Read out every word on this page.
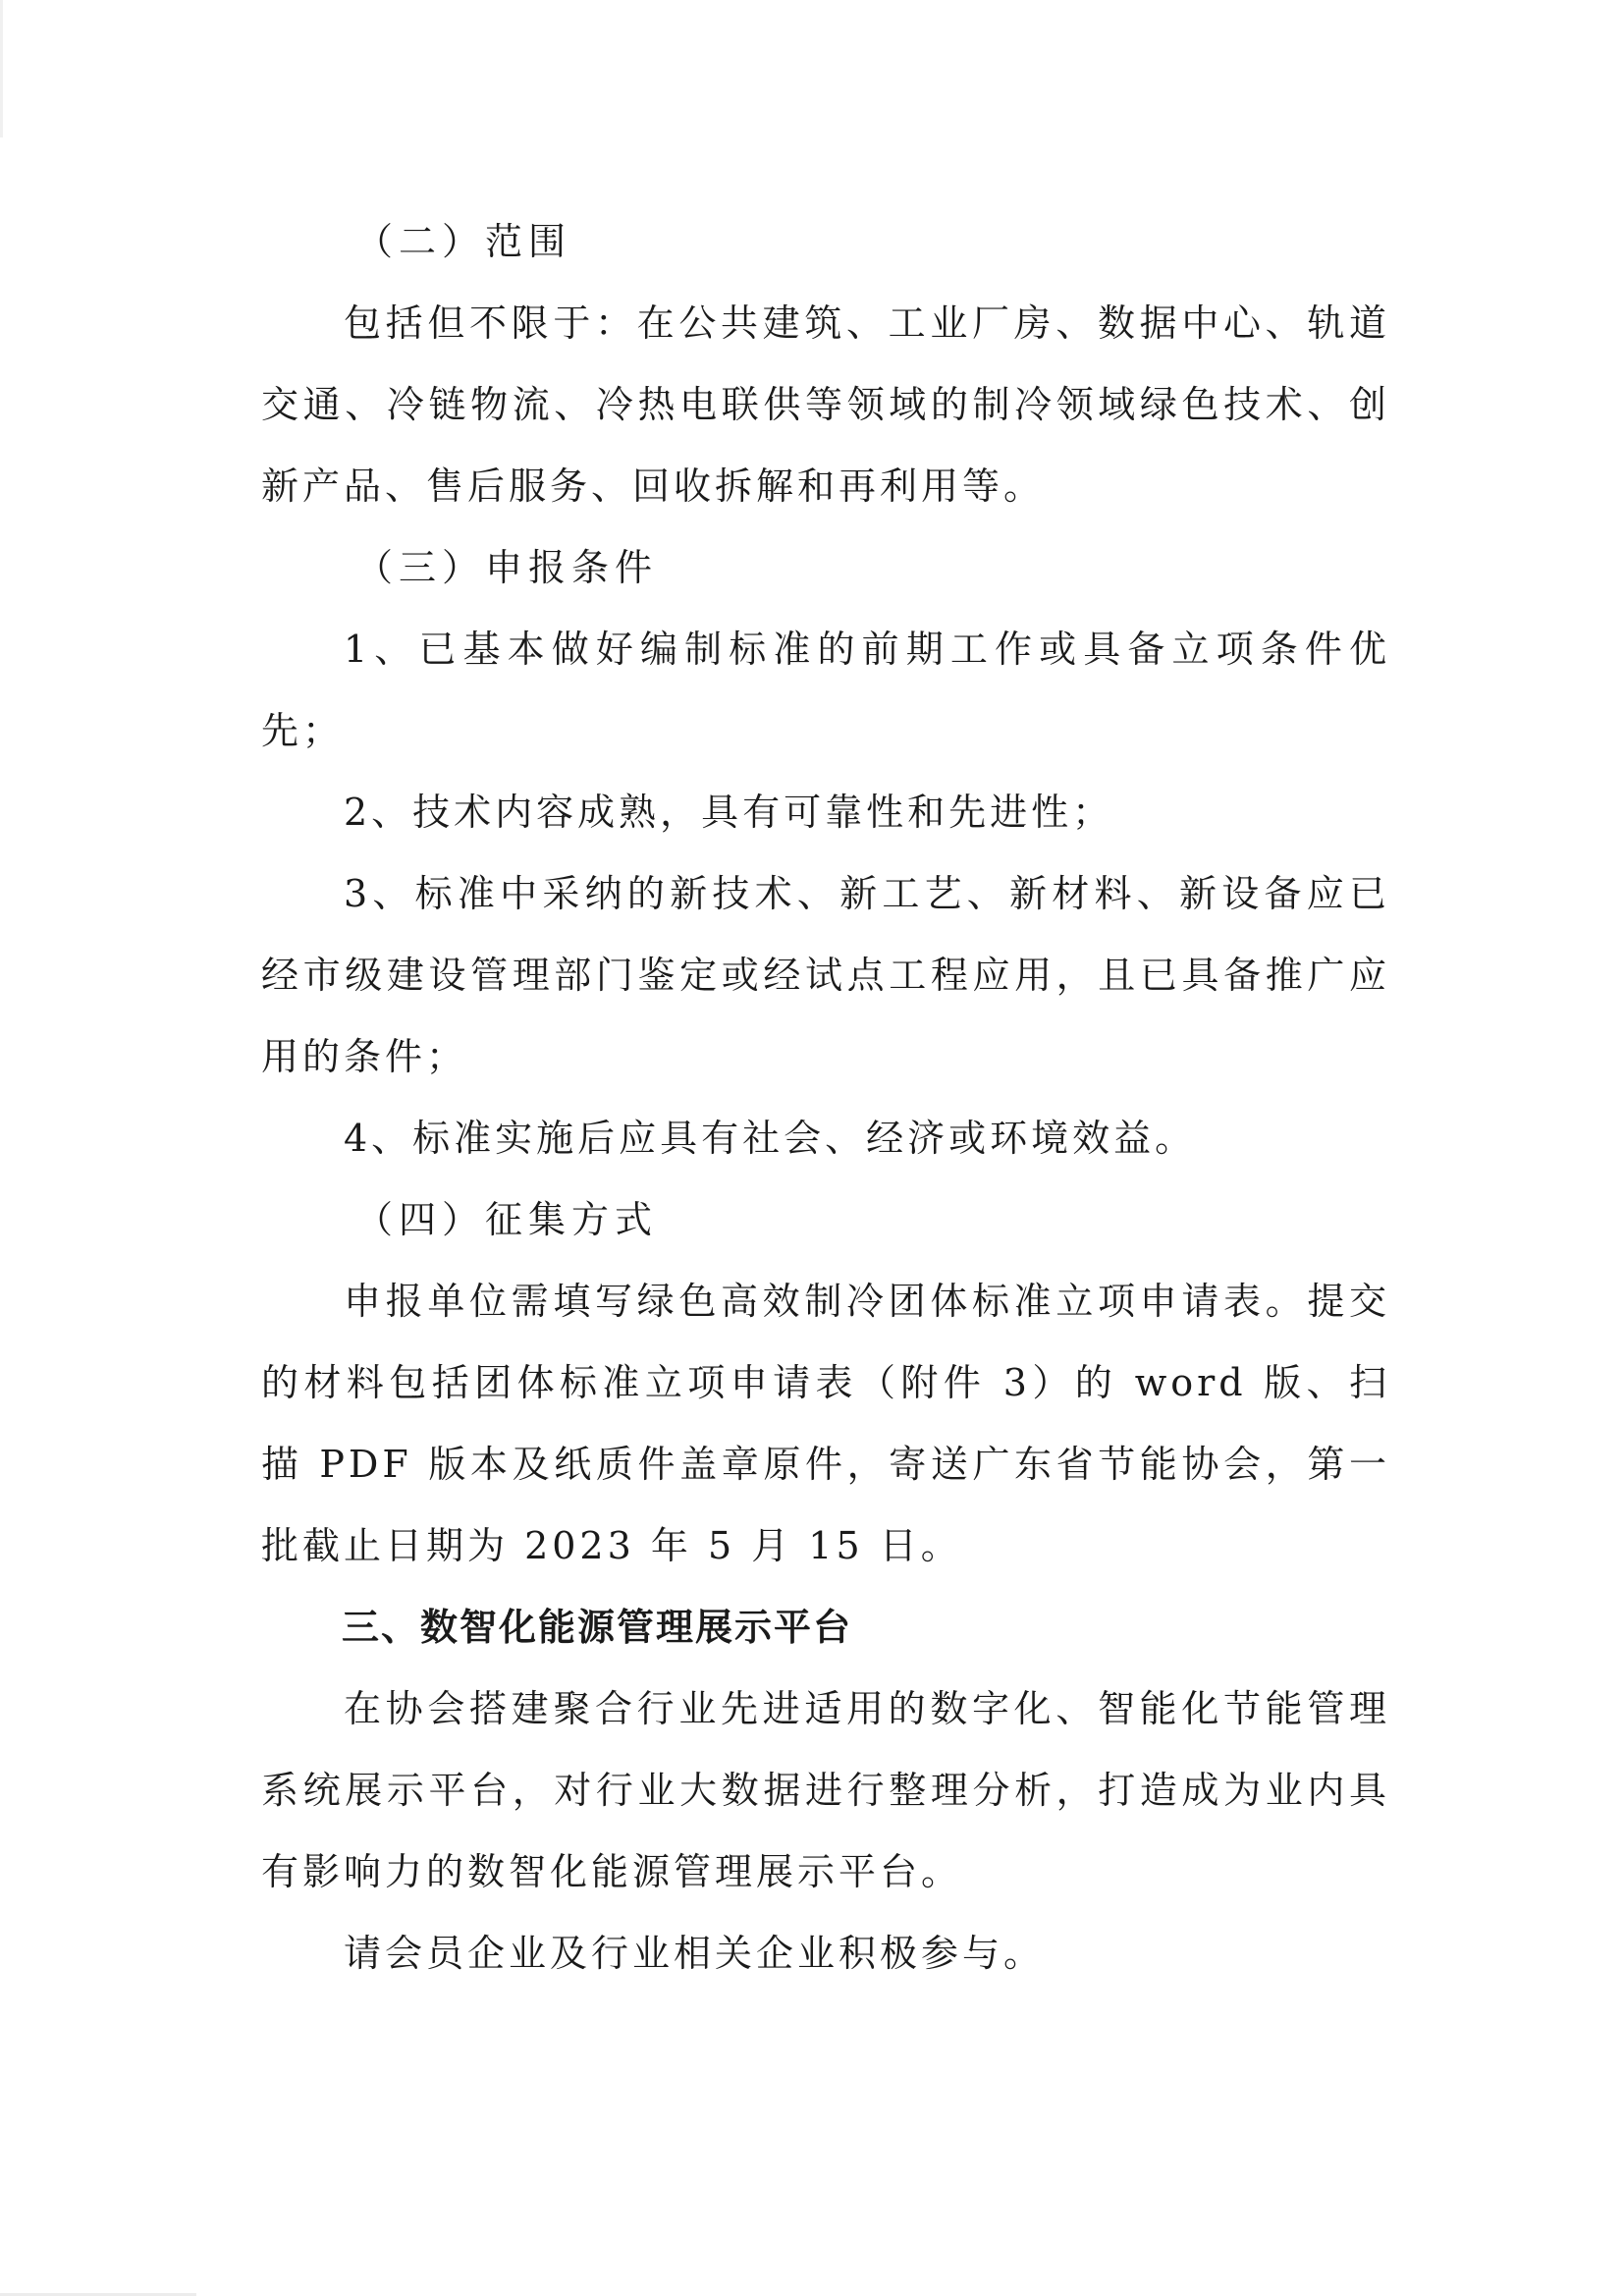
（二）范围

包括但不限于：在公共建筑、工业厂房、数据中心、轨道交通、冷链物流、冷热电联供等领域的制冷领域绿色技术、创新产品、售后服务、回收拆解和再利用等。

（三）申报条件

1、已基本做好编制标准的前期工作或具备立项条件优先；

2、技术内容成熟，具有可靠性和先进性；

3、标准中采纳的新技术、新工艺、新材料、新设备应已经市级建设管理部门鉴定或经试点工程应用，且已具备推广应用的条件；

4、标准实施后应具有社会、经济或环境效益。

（四）征集方式

申报单位需填写绿色高效制冷团体标准立项申请表。提交的材料包括团体标准立项申请表（附件 3）的 word 版、扫描 PDF 版本及纸质件盖章原件，寄送广东省节能协会，第一批截止日期为 2023 年 5 月 15 日。

三、数智化能源管理展示平台

在协会搭建聚合行业先进适用的数字化、智能化节能管理系统展示平台，对行业大数据进行整理分析，打造成为业内具有影响力的数智化能源管理展示平台。

请会员企业及行业相关企业积极参与。
